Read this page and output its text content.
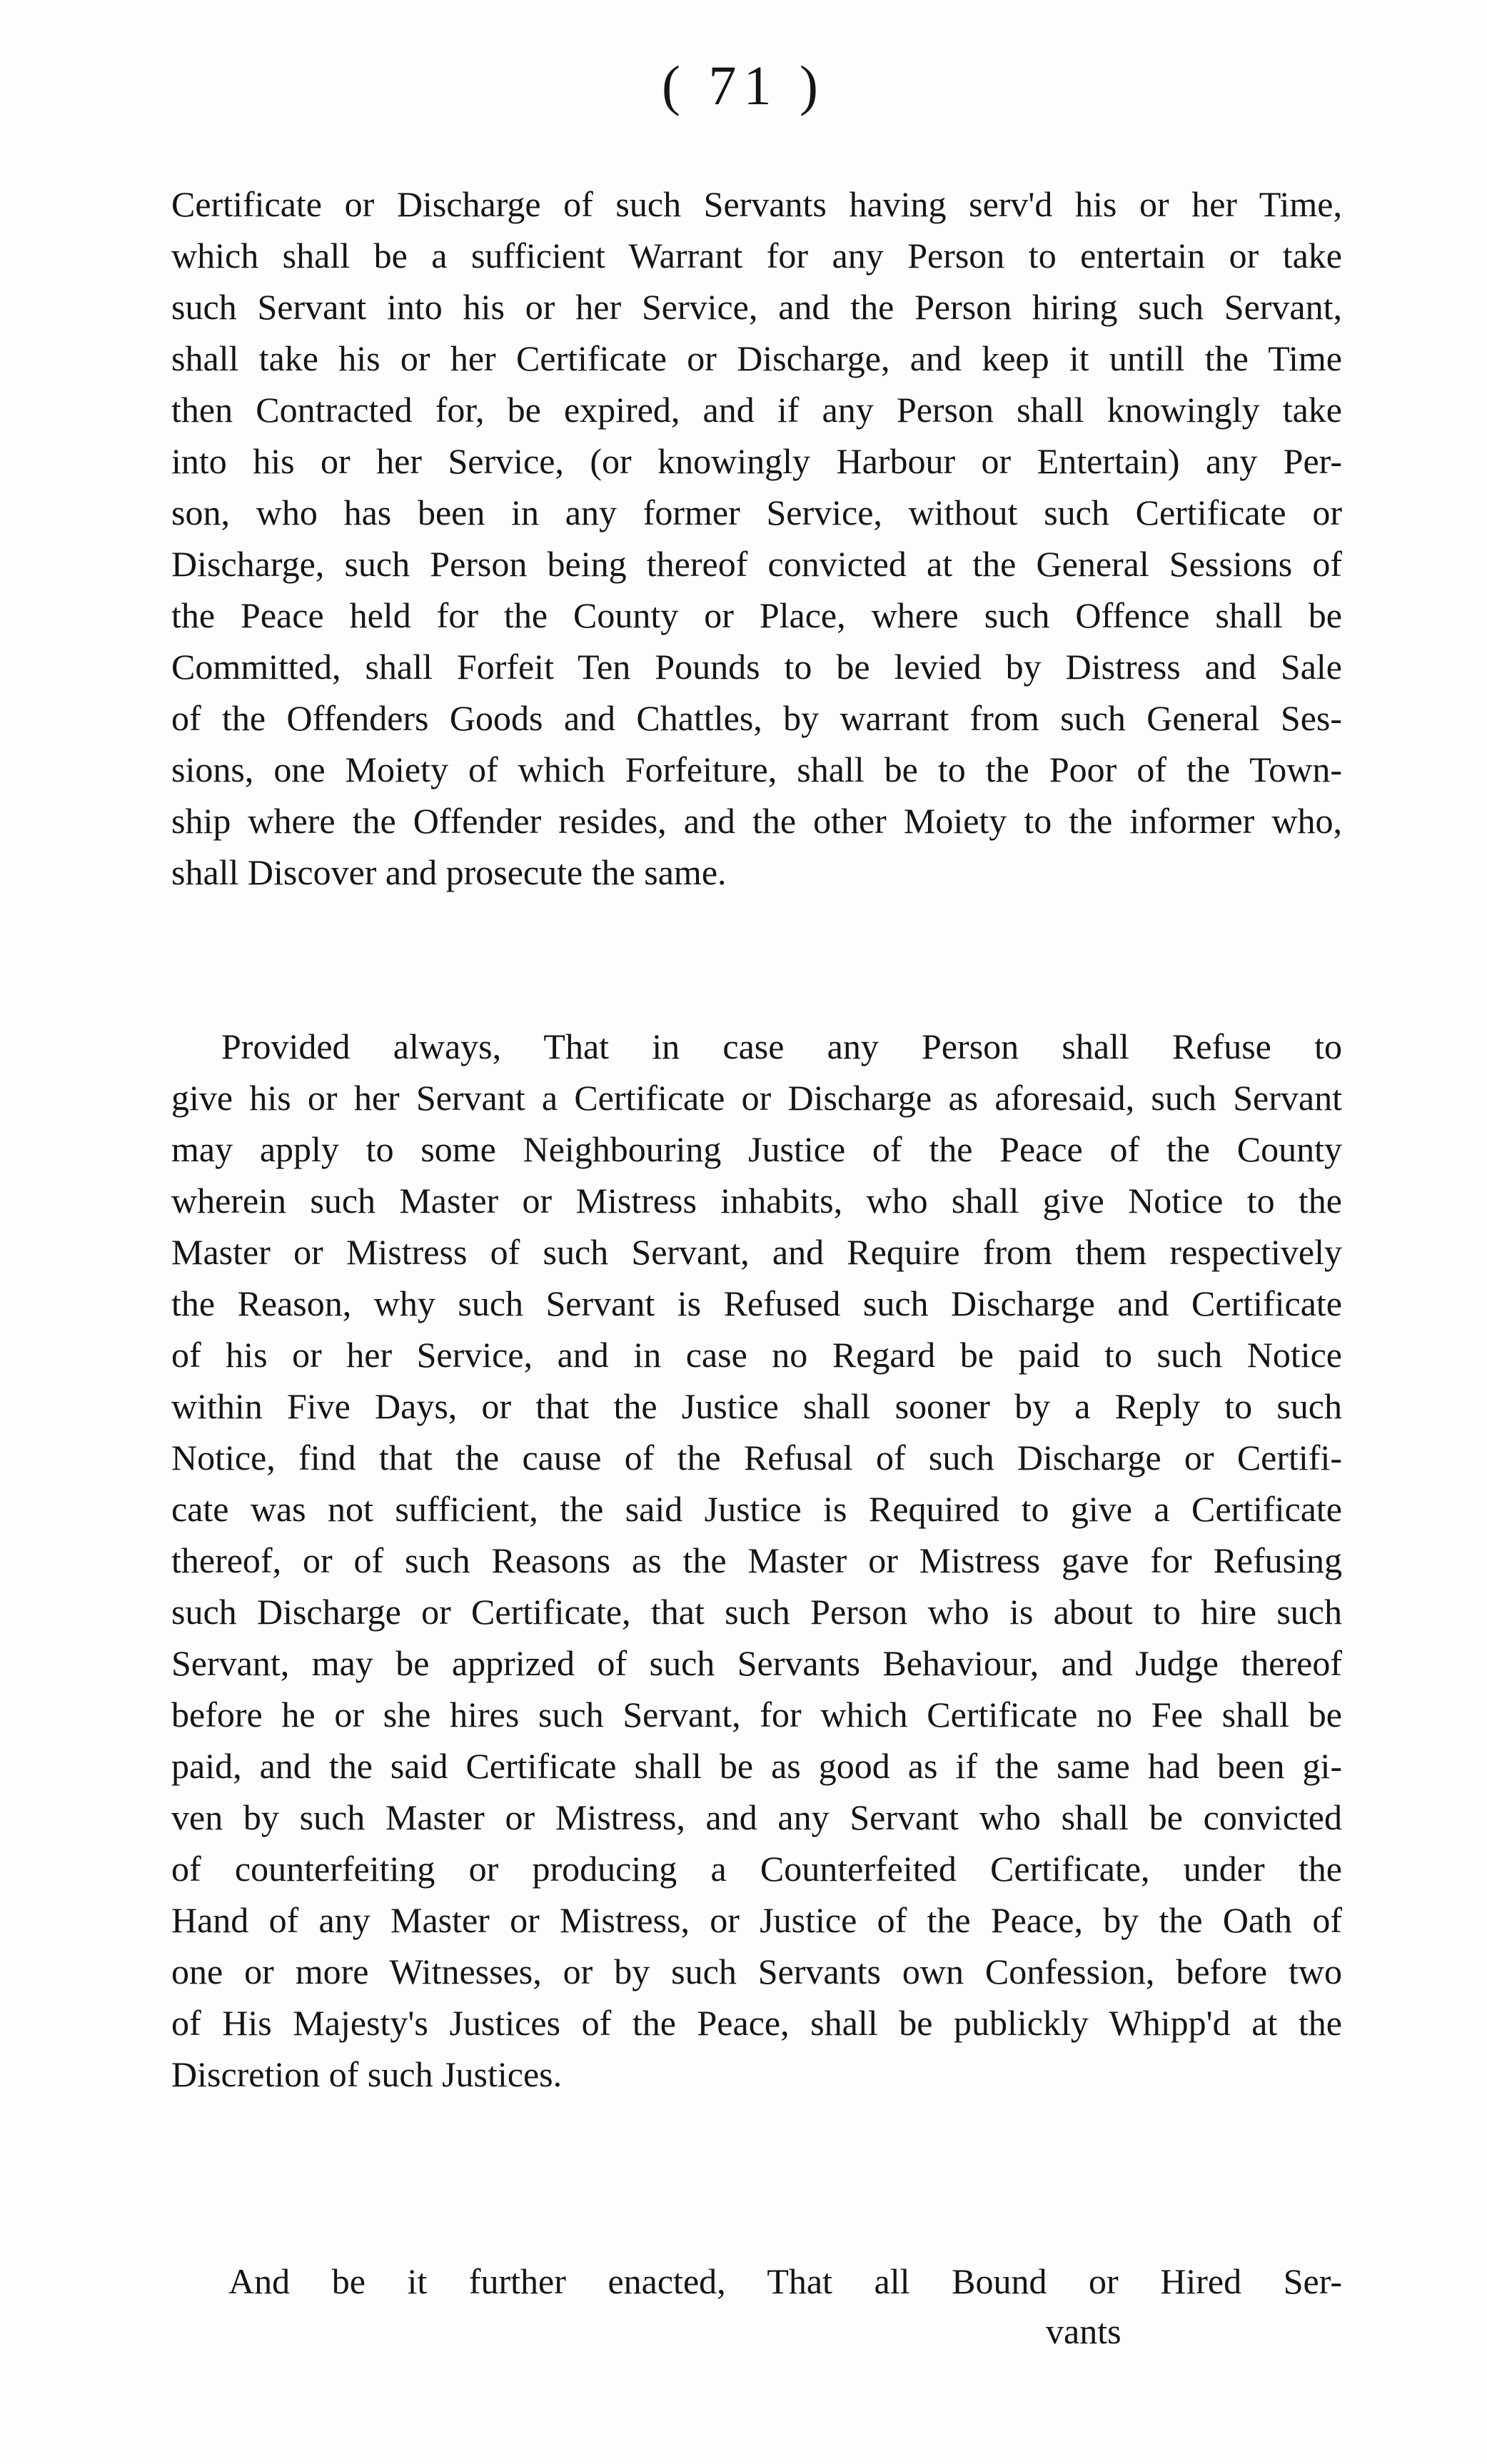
( 71 )
Certificate or Discharge of such Servants having serv'd his or her Time,
which shall be a sufficient Warrant for any Person to entertain or take
such Servant into his or her Service, and the Person hiring such Servant,
shall take his or her Certificate or Discharge, and keep it untill the Time
then Contracted for, be expired, and if any Person shall knowingly take
into his or her Service, (or knowingly Harbour or Entertain) any Per-
son, who has been in any former Service, without such Certificate or
Discharge, such Person being thereof convicted at the General Sessions of
the Peace held for the County or Place, where such Offence shall be
Committed, shall Forfeit Ten Pounds to be levied by Distress and Sale
of the Offenders Goods and Chattles, by warrant from such General Ses-
sions, one Moiety of which Forfeiture, shall be to the Poor of the Town-
ship where the Offender resides, and the other Moiety to the informer who,
shall Discover and prosecute the same.
Provided always, That in case any Person shall Refuse to
give his or her Servant a Certificate or Discharge as aforesaid, such Servant
may apply to some Neighbouring Justice of the Peace of the County
wherein such Master or Mistress inhabits, who shall give Notice to the
Master or Mistress of such Servant, and Require from them respectively
the Reason, why such Servant is Refused such Discharge and Certificate
of his or her Service, and in case no Regard be paid to such Notice
within Five Days, or that the Justice shall sooner by a Reply to such
Notice, find that the cause of the Refusal of such Discharge or Certifi-
cate was not sufficient, the said Justice is Required to give a Certificate
thereof, or of such Reasons as the Master or Mistress gave for Refusing
such Discharge or Certificate, that such Person who is about to hire such
Servant, may be apprized of such Servants Behaviour, and Judge thereof
before he or she hires such Servant, for which Certificate no Fee shall be
paid, and the said Certificate shall be as good as if the same had been gi-
ven by such Master or Mistress, and any Servant who shall be convicted
of counterfeiting or producing a Counterfeited Certificate, under the
Hand of any Master or Mistress, or Justice of the Peace, by the Oath of
one or more Witnesses, or by such Servants own Confession, before two
of His Majesty's Justices of the Peace, shall be publickly Whipp'd at the
Discretion of such Justices.
And be it further enacted, That all Bound or Hired Ser-
vants
